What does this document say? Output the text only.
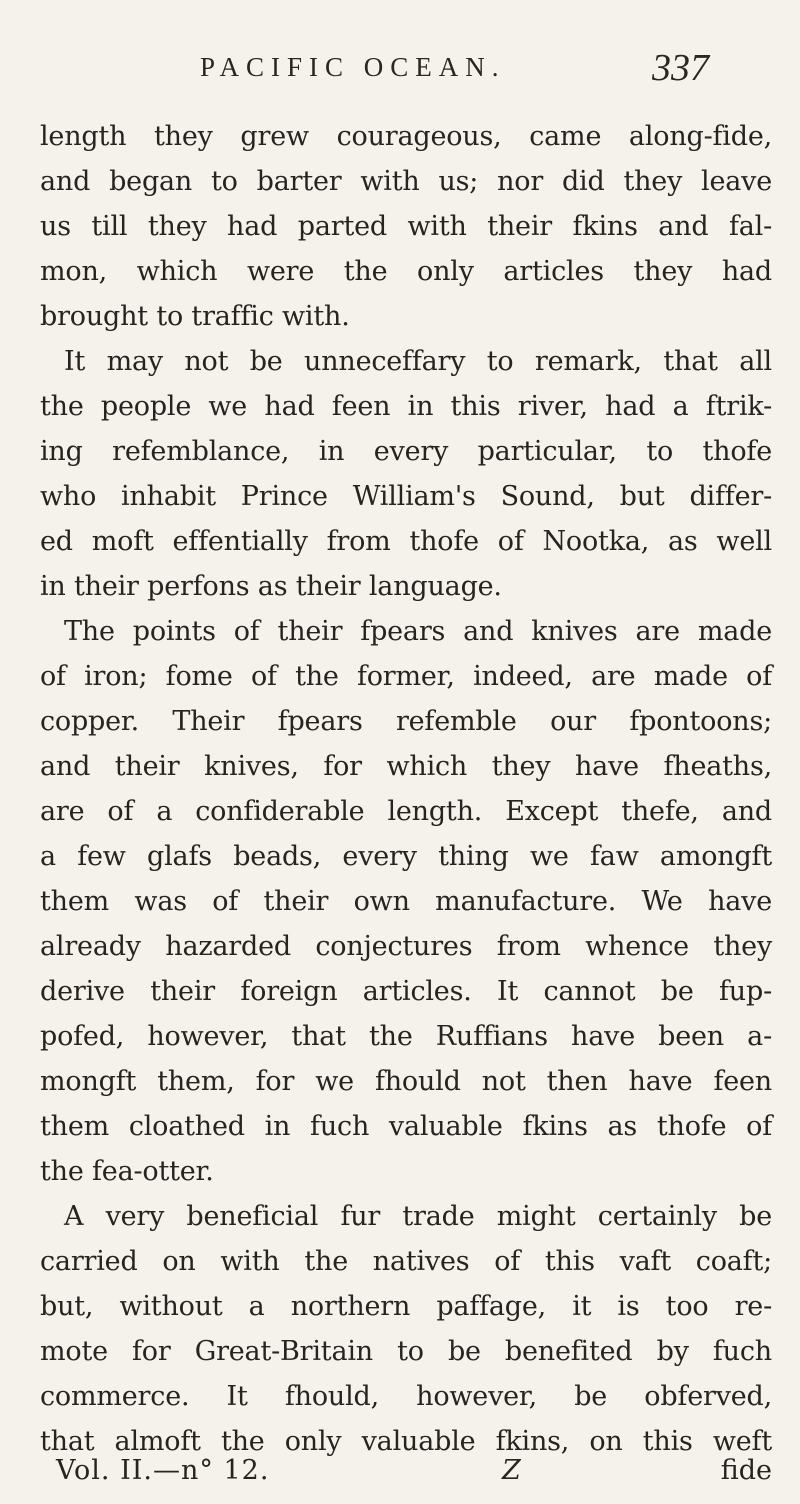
PACIFIC OCEAN.	337
length they grew courageous, came along-fide,
and began to barter with us; nor did they leave
us till they had parted with their fkins and fal-
mon, which were the only articles they had
brought to traffic with.
It may not be unneceffary to remark, that all
the people we had feen in this river, had a ftrik-
ing refemblance, in every particular, to thofe
who inhabit Prince William's Sound, but differ-
ed moft effentially from thofe of Nootka, as well
in their perfons as their language.
The points of their fpears and knives are made
of iron; fome of the former, indeed, are made of
copper. Their fpears refemble our fpontoons;
and their knives, for which they have fheaths,
are of a confiderable length. Except thefe, and
a few glafs beads, every thing we faw amongft
them was of their own manufacture. We have
already hazarded conjectures from whence they
derive their foreign articles. It cannot be fup-
pofed, however, that the Ruffians have been a-
mongft them, for we fhould not then have feen
them cloathed in fuch valuable fkins as thofe of
the fea-otter.
A very beneficial fur trade might certainly be
carried on with the natives of this vaft coaft;
but, without a northern paffage, it is too re-
mote for Great-Britain to be benefited by fuch
commerce. It fhould, however, be obferved,
that almoft the only valuable fkins, on this weft
Vol. II.—n° 12.	Z	fide
